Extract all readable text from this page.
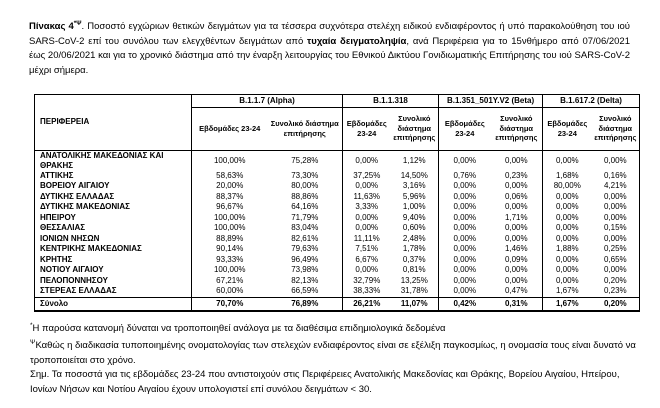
Πίνακας $4^{*\Psi}$. Ποσοστό εγχώριων θετικών δειγμάτων για τα τέσσερα συχνότερα στελέχη ειδικού ενδιαφέροντος ή υπό παρακολούθηση του ιού SARS-CoV-2 επί του συνόλου των ελεγχθέντων δειγμάτων από τυχαία δειγματοληψία, ανά Περιφέρεια για το 15νθήμερο από 07/06/2021 έως 20/06/2021 και για το χρονικό διάστημα από την έναρξη λειτουργίας του Εθνικού Δικτύου Γονιδιωματικής Επιτήρησης του ιού SARS-CoV-2 μέχρι σήμερα.
ΠΕΡΙΦΕΡΕΙΑ	B.1.1.7 (Alpha)		B.1.1.318		B.1.351_501Y.V2 (Beta)		B.1.617.2 (Delta)	
	Εβδομάδες 23-24	Συνολικό διάστημα επιτήρησης	Εβδομάδες 23-24	Συνολικό διάστημα επιτήρησης	Εβδομάδες 23-24	Συνολικό διάστημα επιτήρησης	Εβδομάδες 23-24	Συνολικό διάστημα επιτήρησης
ΑΝΑΤΟΛΙΚΗΣ ΜΑΚΕΔΟΝΙΑΣ ΚΑΙ ΘΡΑΚΗΣ	100,00%	75,28%	0,00%	1,12%	0,00%	0,00%	0,00%	0,00%
ΑΤΤΙΚΗΣ	58,63%	73,30%	37,25%	14,50%	0,76%	0,23%	1,68%	0,16%
ΒΟΡΕΙΟΥ ΑΙΓΑΙΟΥ	20,00%	80,00%	0,00%	3,16%	0,00%	0,00%	80,00%	4,21%
ΔΥΤΙΚΗΣ ΕΛΛΑΔΑΣ	88,37%	88,86%	11,63%	5,96%	0,00%	0,06%	0,00%	0,00%
ΔΥΤΙΚΗΣ ΜΑΚΕΔΟΝΙΑΣ	96,67%	64,16%	3,33%	1,00%	0,00%	0,00%	0,00%	0,00%
ΗΠΕΙΡΟΥ	100,00%	71,79%	0,00%	9,40%	0,00%	1,71%	0,00%	0,00%
ΘΕΣΣΑΛΙΑΣ	100,00%	83,04%	0,00%	0,60%	0,00%	0,00%	0,00%	0,15%
ΙΟΝΙΩΝ ΝΗΣΩΝ	88,89%	82,61%	11,11%	2,48%	0,00%	0,00%	0,00%	0,00%
ΚΕΝΤΡΙΚΗΣ ΜΑΚΕΔΟΝΙΑΣ	90,14%	79,63%	7,51%	1,78%	0,00%	1,46%	1,88%	0,25%
ΚΡΗΤΗΣ	93,33%	96,49%	6,67%	0,37%	0,00%	0,09%	0,00%	0,65%
ΝΟΤΙΟΥ ΑΙΓΑΙΟΥ	100,00%	73,98%	0,00%	0,81%	0,00%	0,00%	0,00%	0,00%
ΠΕΛΟΠΟΝΝΗΣΟΥ	67,21%	82,13%	32,79%	13,25%	0,00%	0,00%	0,00%	0,20%
ΣΤΕΡΕΑΣ ΕΛΛΑΔΑΣ	60,00%	66,59%	38,33%	31,78%	0,00%	0,47%	1,67%	0,23%
Σύνολο	70,70%	76,89%	26,21%	11,07%	0,42%	0,31%	1,67%	0,20%
*Η παρούσα κατανομή δύναται να τροποποιηθεί ανάλογα με τα διαθέσιμα επιδημιολογικά δεδομένα
$^\Psi$Καθώς η διαδικασία τυποποιημένης ονοματολογίας των στελεχών ενδιαφέροντος είναι σε εξέλιξη παγκοσμίως, η ονομασία τους είναι δυνατό να τροποποιείται στο χρόνο.
Σημ. Τα ποσοστά για τις εβδομάδες 23-24 που αντιστοιχούν στις Περιφέρειες Ανατολικής Μακεδονίας και Θράκης, Βορείου Αιγαίου, Ηπείρου, Ιονίων Νήσων και Νοτίου Αιγαίου έχουν υπολογιστεί επί συνόλου δειγμάτων < 30.
